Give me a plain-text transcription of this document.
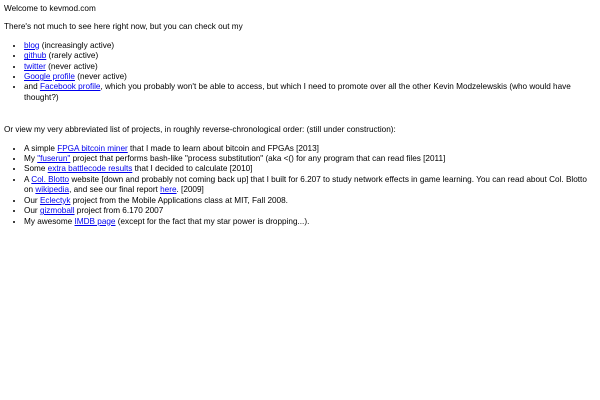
Welcome to kevmod.com

There's not much to see here right now, but you can check out my

• blog (increasingly active)
• github (rarely active)
• twitter (never active)
• Google profile (never active)
• and Facebook profile, which you probably won't be able to access, but which I need to promote over all the other Kevin Modzelewskis (who would have thought?)

Or view my very abbreviated list of projects, in roughly reverse-chronological order: (still under construction):

• A simple FPGA bitcoin miner that I made to learn about bitcoin and FPGAs [2013]
• My "fuserun" project that performs bash-like "process substitution" (aka <() for any program that can read files [2011]
• Some extra battlecode results that I decided to calculate [2010]
• A Col. Blotto website [down and probably not coming back up] that I built for 6.207 to study network effects in game learning. You can read about Col. Blotto on wikipedia, and see our final report here. [2009]
• Our Eclectyk project from the Mobile Applications class at MIT, Fall 2008.
• Our gizmoball project from 6.170 2007
• My awesome IMDB page (except for the fact that my star power is dropping...).
